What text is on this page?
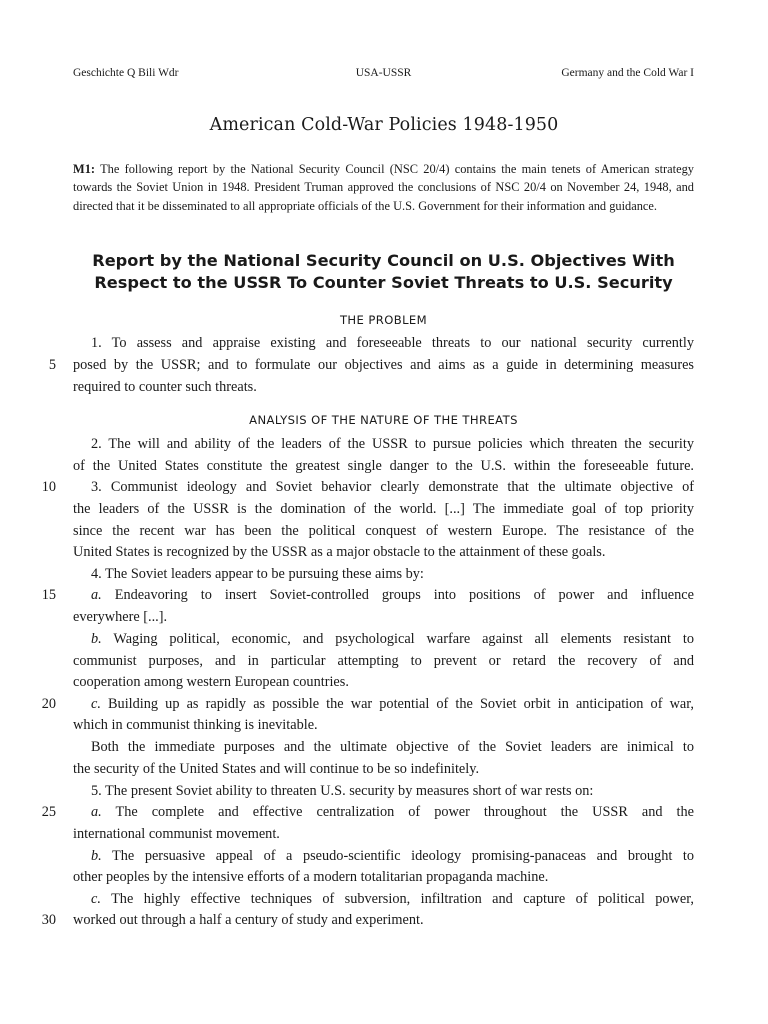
Geschichte Q Bili Wdr	USA-USSR	Germany and the Cold War I
American Cold-War Policies 1948-1950
M1: The following report by the National Security Council (NSC 20/4) contains the main tenets of American strategy towards the Soviet Union in 1948. President Truman approved the conclusions of NSC 20/4 on November 24, 1948, and directed that it be disseminated to all appropriate officials of the U.S. Government for their information and guidance.
Report by the National Security Council on U.S. Objectives With Respect to the USSR To Counter Soviet Threats to U.S. Security
THE PROBLEM
5
10
15
20
25
30
1. To assess and appraise existing and foreseeable threats to our national security currently
posed by the USSR; and to formulate our objectives and aims as a guide in determining measures
required to counter such threats.
ANALYSIS OF THE NATURE OF THE THREATS
2. The will and ability of the leaders of the USSR to pursue policies which threaten the security
of the United States constitute the greatest single danger to the U.S. within the foreseeable future.
3. Communist ideology and Soviet behavior clearly demonstrate that the ultimate objective of
the leaders of the USSR is the domination of the world. [...] The immediate goal of top priority
since the recent war has been the political conquest of western Europe. The resistance of the
United States is recognized by the USSR as a major obstacle to the attainment of these goals.
4. The Soviet leaders appear to be pursuing these aims by:
a. Endeavoring to insert Soviet-controlled groups into positions of power and influence
everywhere [...].
b. Waging political, economic, and psychological warfare against all elements resistant to
communist purposes, and in particular attempting to prevent or retard the recovery of and
cooperation among western European countries.
c. Building up as rapidly as possible the war potential of the Soviet orbit in anticipation of war,
which in communist thinking is inevitable.
Both the immediate purposes and the ultimate objective of the Soviet leaders are inimical to
the security of the United States and will continue to be so indefinitely.
5. The present Soviet ability to threaten U.S. security by measures short of war rests on:
a. The complete and effective centralization of power throughout the USSR and the
international communist movement.
b. The persuasive appeal of a pseudo-scientific ideology promising-panaceas and brought to
other peoples by the intensive efforts of a modern totalitarian propaganda machine.
c. The highly effective techniques of subversion, infiltration and capture of political power,
worked out through a half a century of study and experiment.
